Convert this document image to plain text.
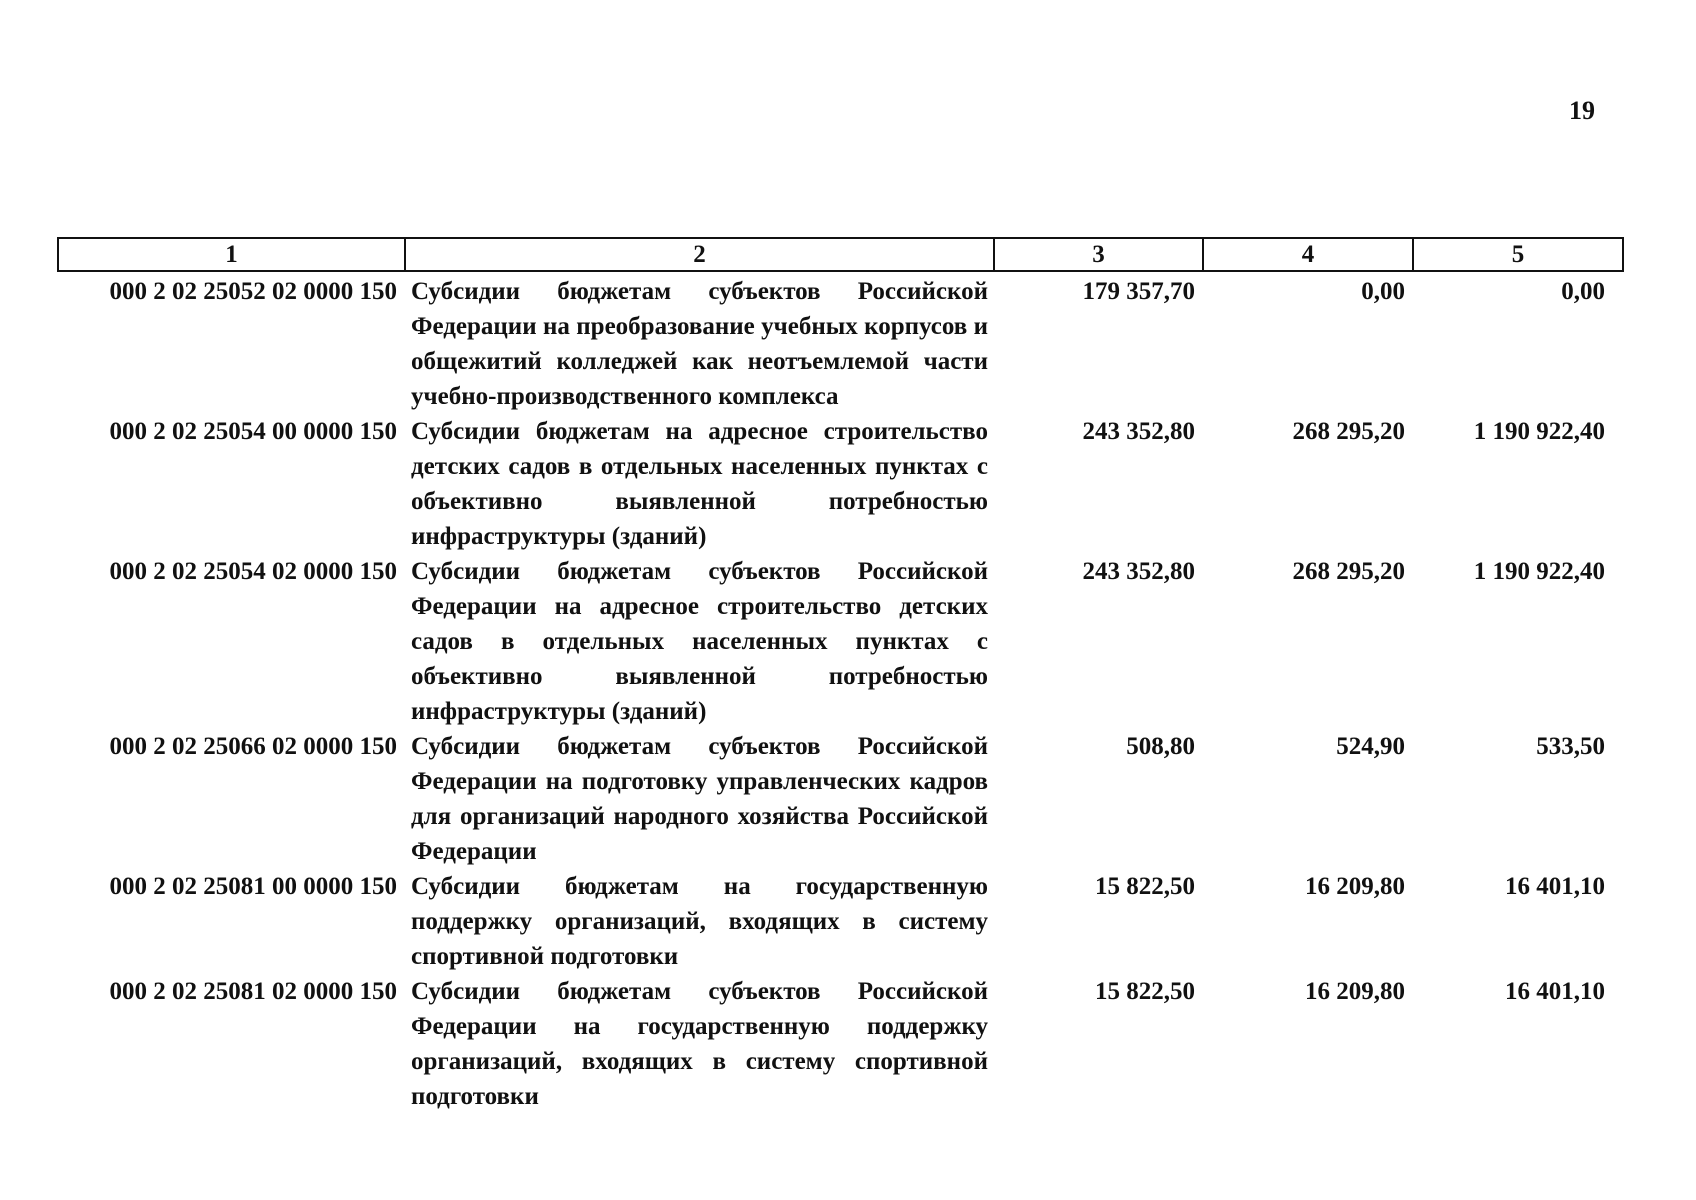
19
1	2	3	4	5
000 2 02 25052 02 0000 150	Субсидии бюджетам субъектов Российской Федерации на преобразование учебных корпусов и общежитий колледжей как неотъемлемой части учебно-производственного комплекса	179 357,70	0,00	0,00
000 2 02 25054 00 0000 150	Субсидии бюджетам на адресное строительство детских садов в отдельных населенных пунктах с объективно выявленной потребностью инфраструктуры (зданий)	243 352,80	268 295,20	1 190 922,40
000 2 02 25054 02 0000 150	Субсидии бюджетам субъектов Российской Федерации на адресное строительство детских садов в отдельных населенных пунктах с объективно выявленной потребностью инфраструктуры (зданий)	243 352,80	268 295,20	1 190 922,40
000 2 02 25066 02 0000 150	Субсидии бюджетам субъектов Российской Федерации на подготовку управленческих кадров для организаций народного хозяйства Российской Федерации	508,80	524,90	533,50
000 2 02 25081 00 0000 150	Субсидии бюджетам на государственную поддержку организаций, входящих в систему спортивной подготовки	15 822,50	16 209,80	16 401,10
000 2 02 25081 02 0000 150	Субсидии бюджетам субъектов Российской Федерации на государственную поддержку организаций, входящих в систему спортивной подготовки	15 822,50	16 209,80	16 401,10
